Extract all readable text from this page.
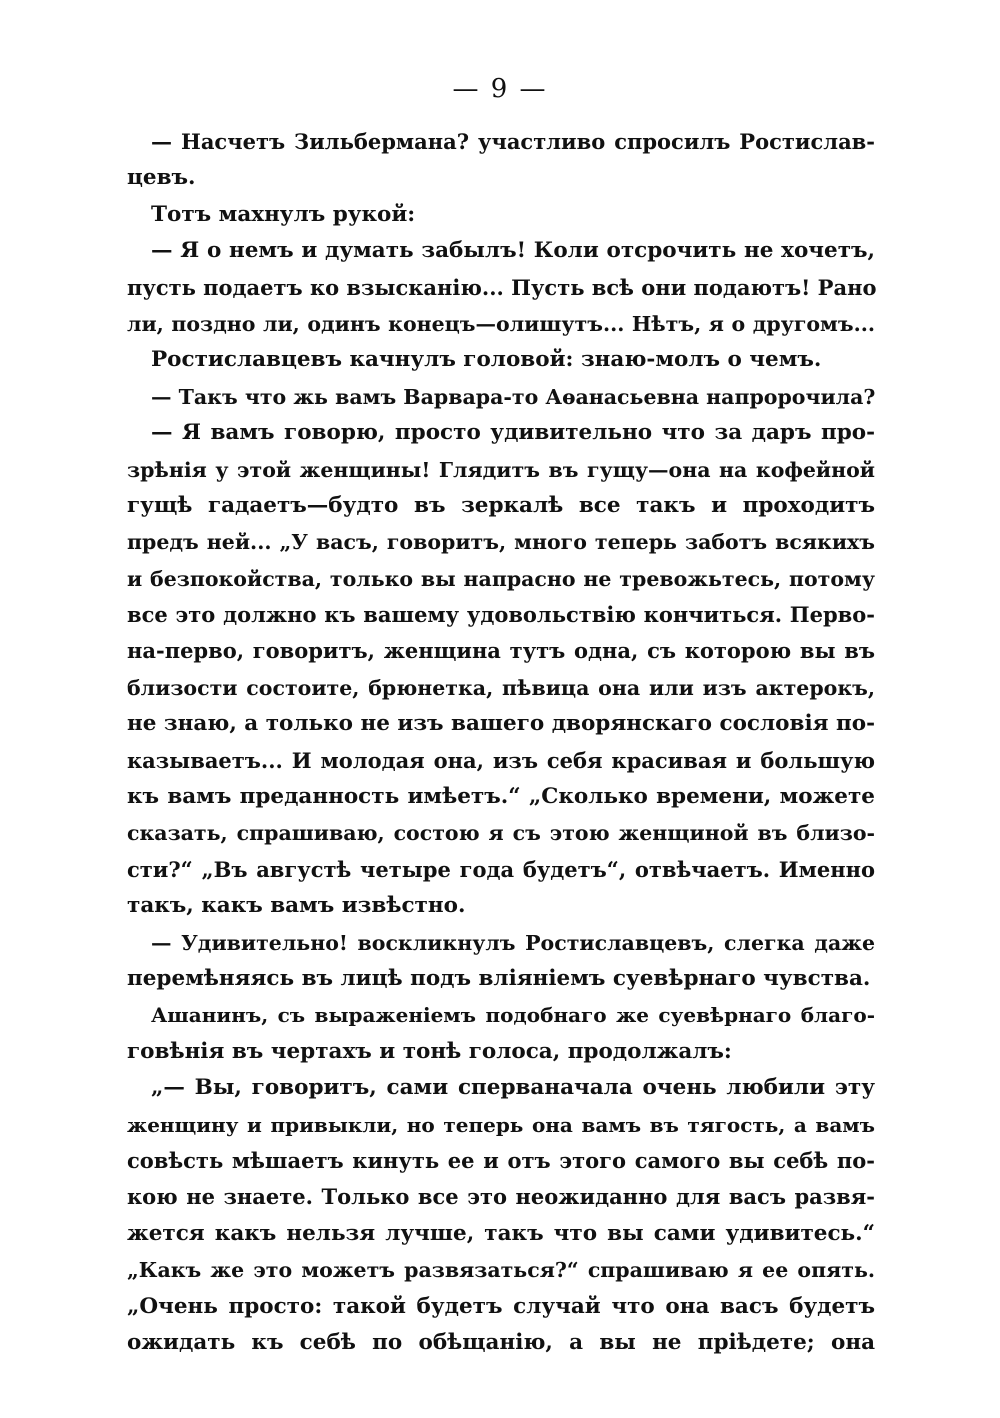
— 9 —
— Насчетъ Зильбермана? участливо спросилъ Ростислав-
цевъ.
Тотъ махнулъ рукой:
— Я о немъ и думать забылъ! Коли отсрочить не хочетъ,
пусть подаетъ ко взысканію... Пусть всѣ они подаютъ! Рано
ли, поздно ли, одинъ конецъ—олишутъ... Нѣтъ, я о другомъ...
Ростиславцевъ качнулъ головой: знаю-молъ о чемъ.
— Такъ что жь вамъ Варвара-то Аѳанасьевна напророчила?
— Я вамъ говорю, просто удивительно что за даръ про-
зрѣнія у этой женщины! Глядитъ въ гущу—она на кофейной
гущѣ гадаетъ—будто въ зеркалѣ все такъ и проходитъ
предъ ней... „У васъ, говоритъ, много теперь заботъ всякихъ
и безпокойства, только вы напрасно не тревожьтесь, потому
все это должно къ вашему удовольствію кончиться. Перво-
на-перво, говоритъ, женщина тутъ одна, съ которою вы въ
близости состоите, брюнетка, пѣвица она или изъ актерокъ,
не знаю, а только не изъ вашего дворянскаго сословія по-
казываетъ... И молодая она, изъ себя красивая и большую
къ вамъ преданность имѣетъ.“ „Сколько времени, можете
сказать, спрашиваю, состою я съ этою женщиной въ близо-
сти?“ „Въ августѣ четыре года будетъ“, отвѣчаетъ. Именно
такъ, какъ вамъ извѣстно.
— Удивительно! воскликнулъ Ростиславцевъ, слегка даже
перемѣняясь въ лицѣ подъ вліяніемъ суевѣрнаго чувства.
Ашанинъ, съ выраженіемъ подобнаго же суевѣрнаго благо-
говѣнія въ чертахъ и тонѣ голоса, продолжалъ:
„— Вы, говоритъ, сами сперваначала очень любили эту
женщину и привыкли, но теперь она вамъ въ тягость, а вамъ
совѣсть мѣшаетъ кинуть ее и отъ этого самого вы себѣ по-
кою не знаете. Только все это неожиданно для васъ развя-
жется какъ нельзя лучше, такъ что вы сами удивитесь.“
„Какъ же это можетъ развязаться?“ спрашиваю я ее опять.
„Очень просто: такой будетъ случай что она васъ будетъ
ожидать къ себѣ по обѣщанію, а вы не пріѣдете; она
